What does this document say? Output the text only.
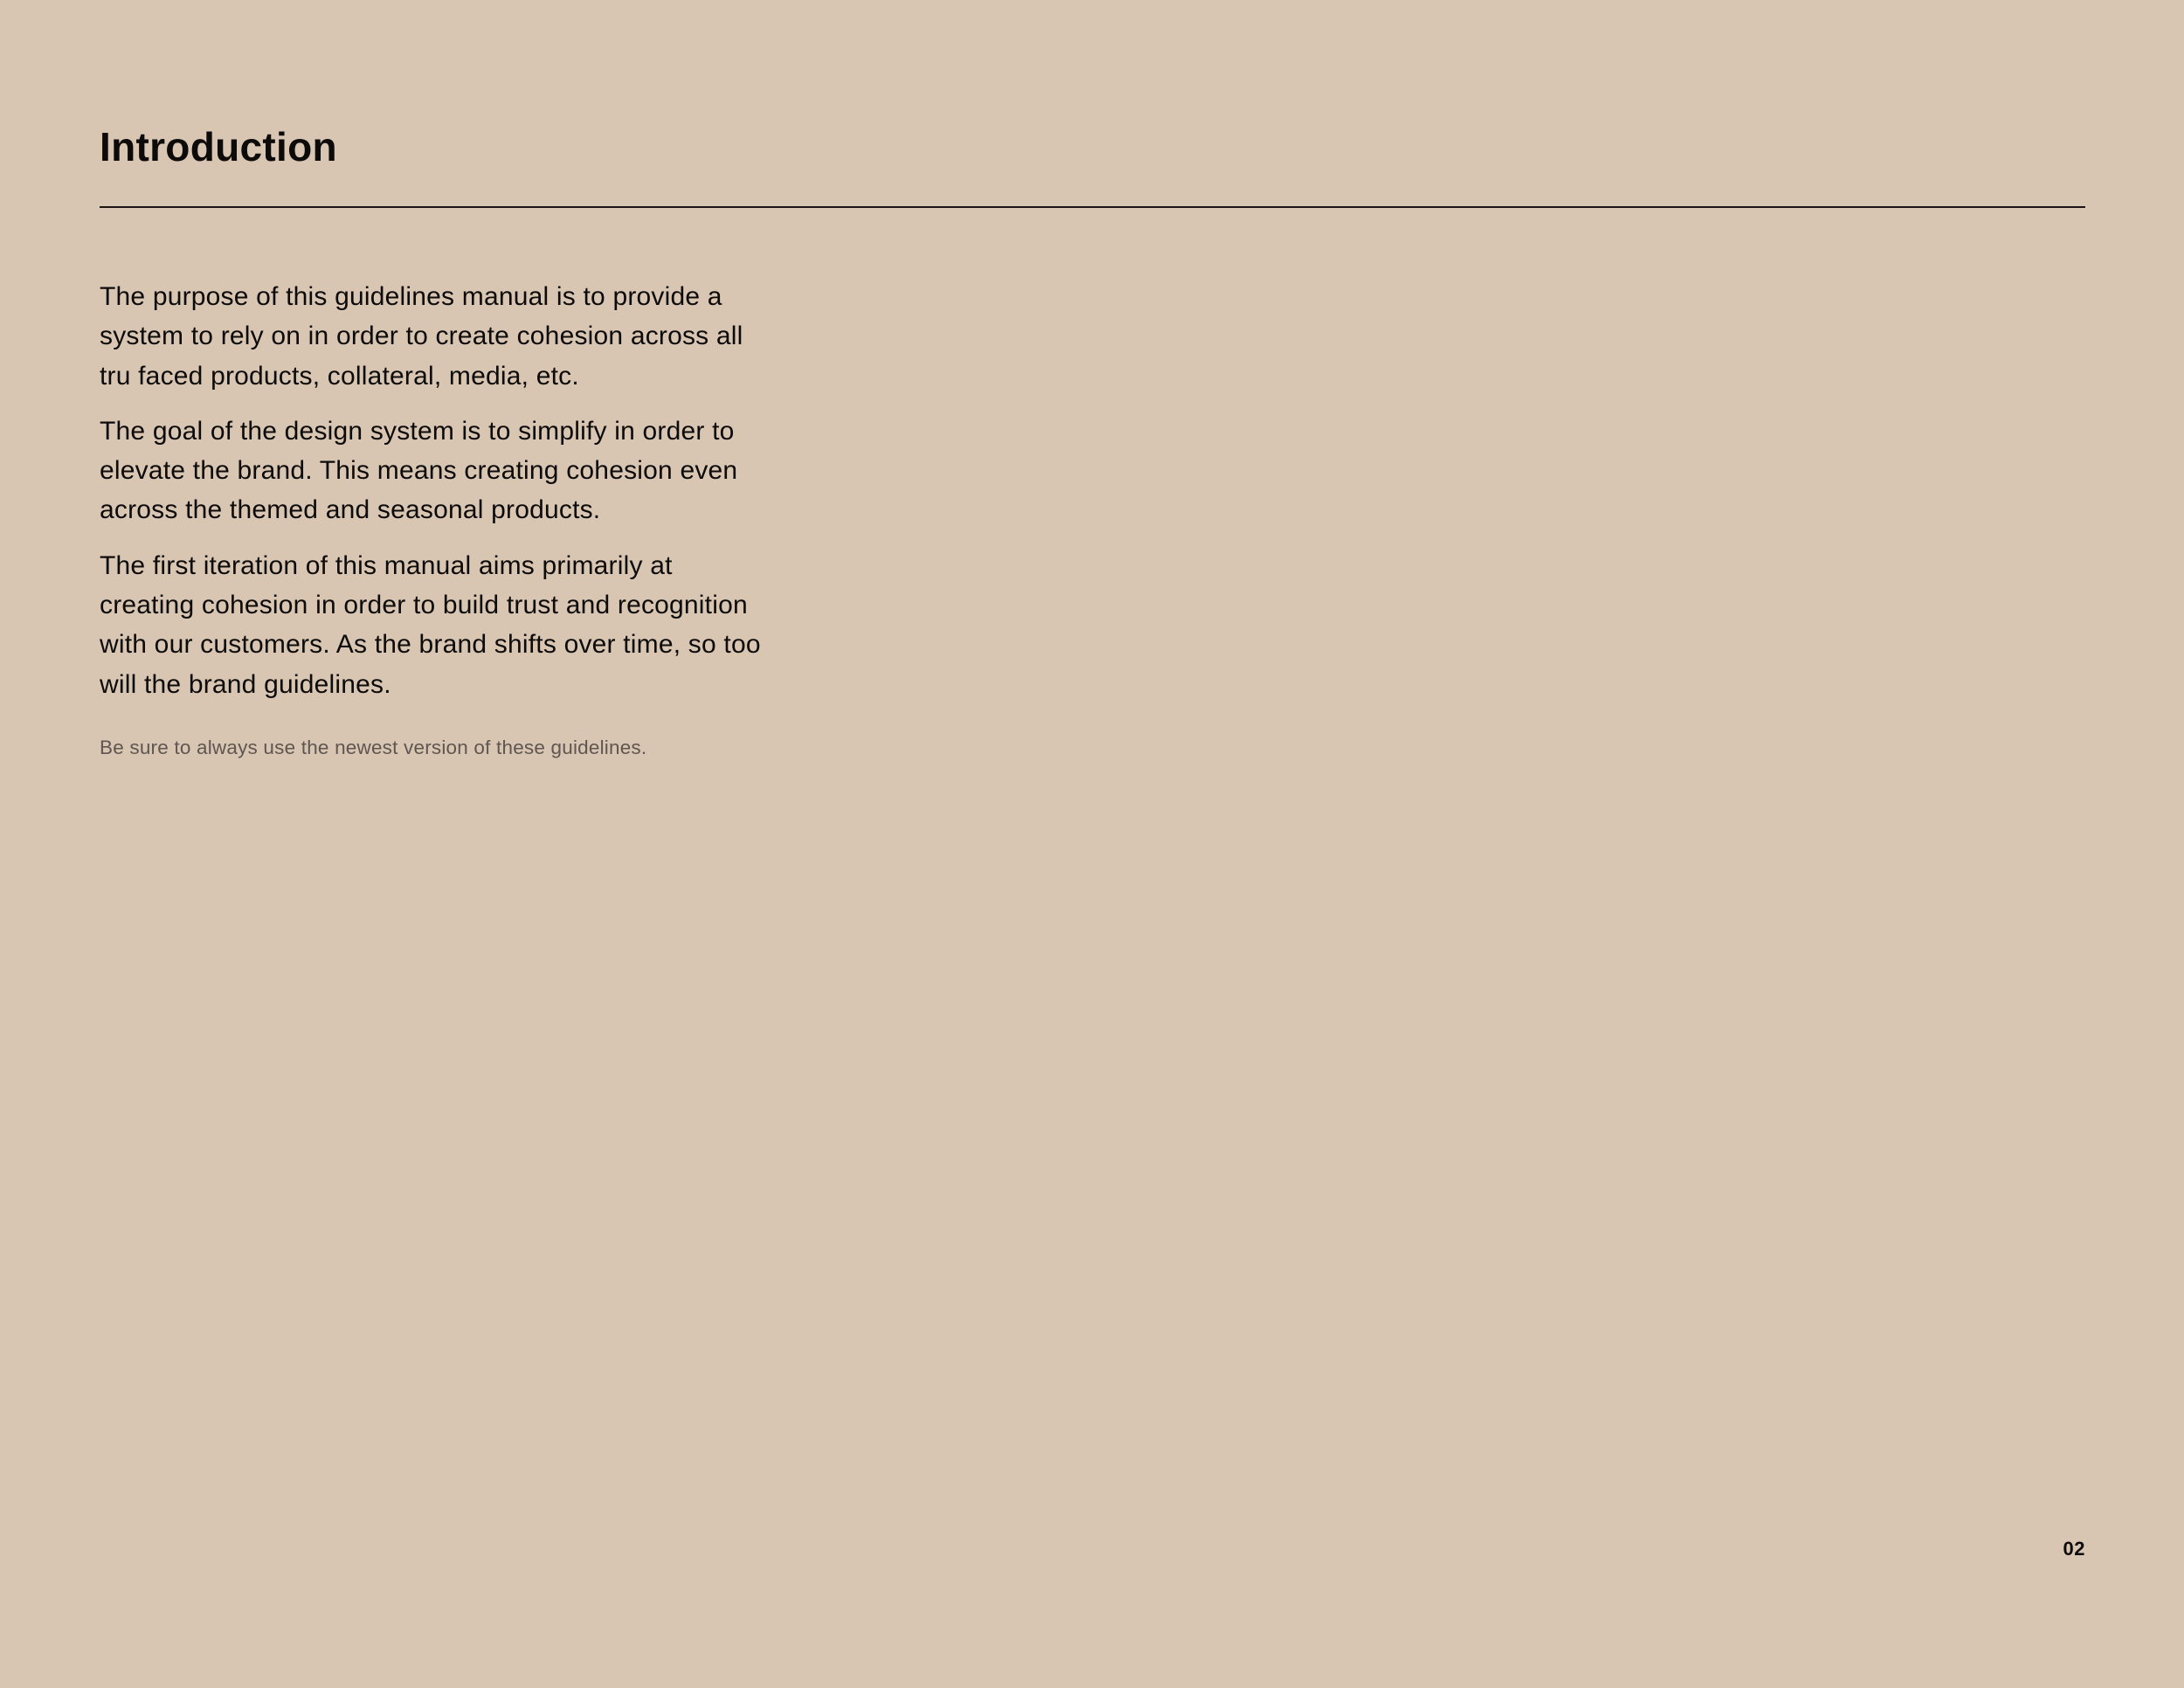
Introduction

The purpose of this guidelines manual is to provide a system to rely on in order to create cohesion across all tru faced products, collateral, media, etc.

The goal of the design system is to simplify in order to elevate the brand. This means creating cohesion even across the themed and seasonal products.

The first iteration of this manual aims primarily at creating cohesion in order to build trust and recognition with our customers. As the brand shifts over time, so too will the brand guidelines.

Be sure to always use the newest version of these guidelines.

02
